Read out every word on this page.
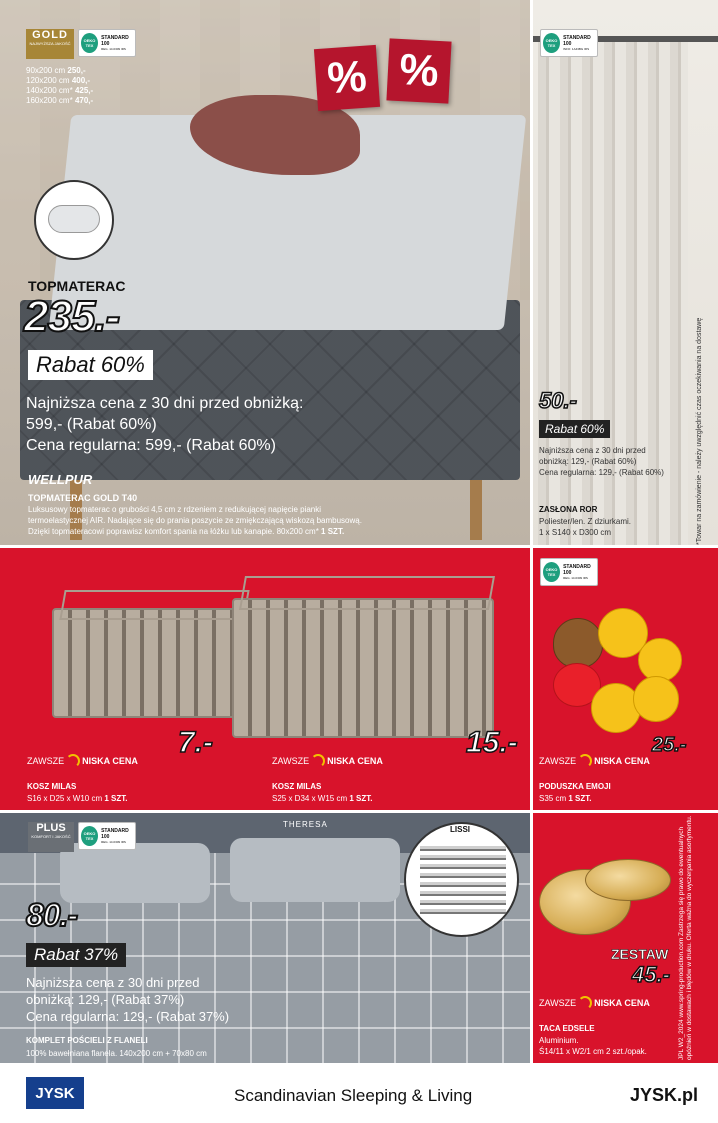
GOLD
NAJWYŻSZA JAKOŚĆ
OEKO TEX
STANDARD 100
REG. 14.0309 IRS
90x200 cm 250,-
120x200 cm 400,-
140x200 cm* 425,-
160x200 cm* 470,-	% %
TOPMATERAC
235.-
Rabat 60%
Najniższa cena z 30 dni przed obniżką:
599,- (Rabat 60%)
Cena regularna: 599,- (Rabat 60%)
WELLPUR
TOPMATERAC GOLD T40
Luksusowy topmaterac o grubości 4,5 cm z rdzeniem z redukującej napięcie pianki
termoelastycznej AIR. Nadające się do prania poszycie ze zmiękczającą wiskozą bambusową.
Dzięki topmateracowi poprawisz komfort spania na łóżku lub kanapie. 80x200 cm* 1 SZT.
OEKO TEX
STANDARD 100
INFO: 1A43BG IRS
50.-
Rabat 60%
Najniższa cena z 30 dni przed
obniżką: 129,- (Rabat 60%)
Cena regularna: 129,- (Rabat 60%)
ZASŁONA ROR
Poliester/len. Z dziurkami.
1 x S140 x D300 cm	*Towar na zamówienie - należy uwzględnić czas oczekiwania na dostawę
ZAWSZE NISKA CENA
7.-
KOSZ MILAS
S16 x D25 x W10 cm 1 SZT.
ZAWSZE NISKA CENA
15.-
KOSZ MILAS
S25 x D34 x W15 cm 1 SZT.
OEKO TEX
STANDARD 100
REG. 14.0309 IRS
25.-
ZAWSZE NISKA CENA
PODUSZKA EMOJI
S35 cm 1 SZT.
PLUS
KOMFORT I JAKOŚĆ
OEKO TEX
STANDARD 100
REG. 14.0309 IRS
THERESA
LISSI
80.-
Rabat 37%
Najniższa cena z 30 dni przed
obniżką: 129,- (Rabat 37%)
Cena regularna: 129,- (Rabat 37%)
KOMPLET POŚCIELI Z FLANELI
100% bawełniana flanela. 140x200 cm + 70x80 cm
ZESTAW
45.-
ZAWSZE NISKA CENA
TACA EDSELE
Aluminium.
Ś14/11 x W2/1 cm 2 szt./opak.	JPL W2_2024 www.spring-production.com Zastrzega się prawo do ewentualnych opóźnień w dostawach i błędów w druku. Oferta ważna do wyczerpania asortymentu.
JYSK	Scandinavian Sleeping & Living	JYSK.pl
